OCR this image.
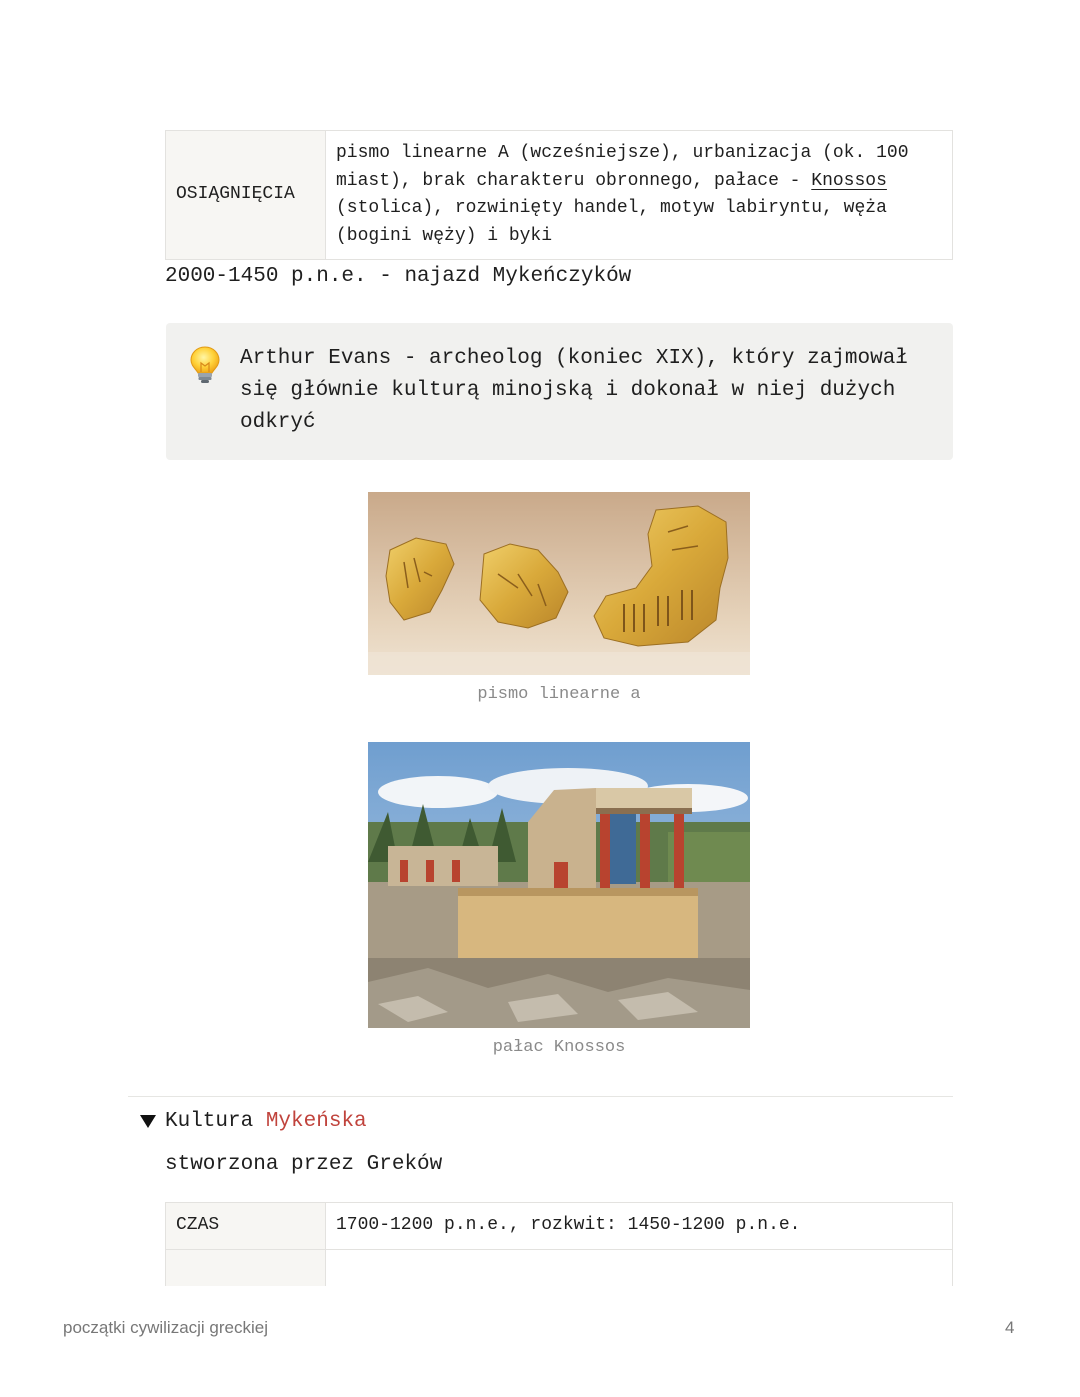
OSIĄGNIĘCIA	pismo linearne A (wcześniejsze), urbanizacja (ok. 100 miast), brak charakteru obronnego, pałace - Knossos (stolica), rozwinięty handel, motyw labiryntu, węża (bogini węży) i byki
2000-1450 p.n.e. - najazd Mykeńczyków
Arthur Evans - archeolog (koniec XIX), który zajmował się głównie kulturą minojską i dokonał w niej dużych odkryć
pismo linearne a
pałac Knossos
Kultura Mykeńska
stworzona przez Greków
CZAS	1700-1200 p.n.e., rozkwit: 1450-1200 p.n.e.

początki cywilizacji greckiej	4
